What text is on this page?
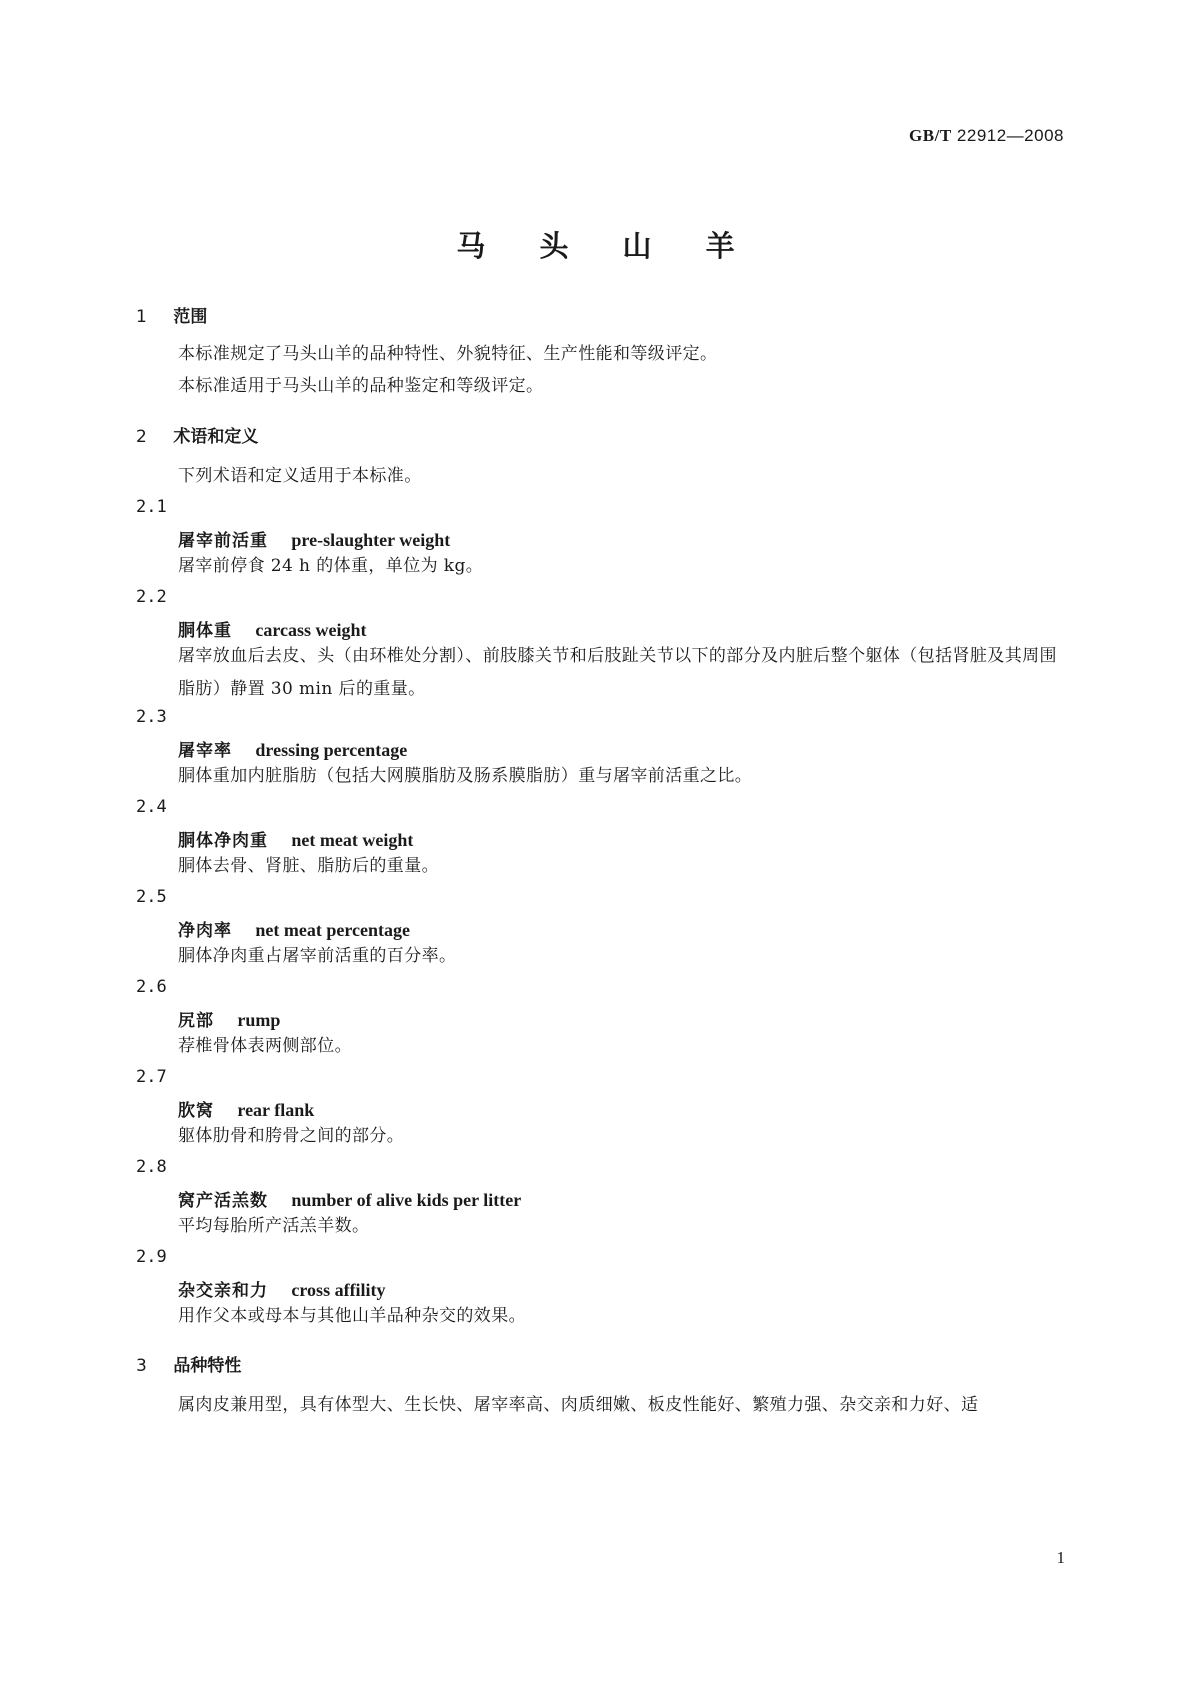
GB/T 22912—2008
马 头 山 羊
1 范围
本标准规定了马头山羊的品种特性、外貌特征、生产性能和等级评定。
本标准适用于马头山羊的品种鉴定和等级评定。
2 术语和定义
下列术语和定义适用于本标准。
2.1
屠宰前活重 pre-slaughter weight
屠宰前停食 24 h 的体重，单位为 kg。
2.2
胴体重 carcass weight
屠宰放血后去皮、头（由环椎处分割）、前肢膝关节和后肢趾关节以下的部分及内脏后整个躯体（包括肾脏及其周围脂肪）静置 30 min 后的重量。
2.3
屠宰率 dressing percentage
胴体重加内脏脂肪（包括大网膜脂肪及肠系膜脂肪）重与屠宰前活重之比。
2.4
胴体净肉重 net meat weight
胴体去骨、肾脏、脂肪后的重量。
2.5
净肉率 net meat percentage
胴体净肉重占屠宰前活重的百分率。
2.6
尻部 rump
荐椎骨体表两侧部位。
2.7
肷窝 rear flank
躯体肋骨和胯骨之间的部分。
2.8
窝产活羔数 number of alive kids per litter
平均每胎所产活羔羊数。
2.9
杂交亲和力 cross affility
用作父本或母本与其他山羊品种杂交的效果。
3 品种特性
属肉皮兼用型，具有体型大、生长快、屠宰率高、肉质细嫩、板皮性能好、繁殖力强、杂交亲和力好、适
1
